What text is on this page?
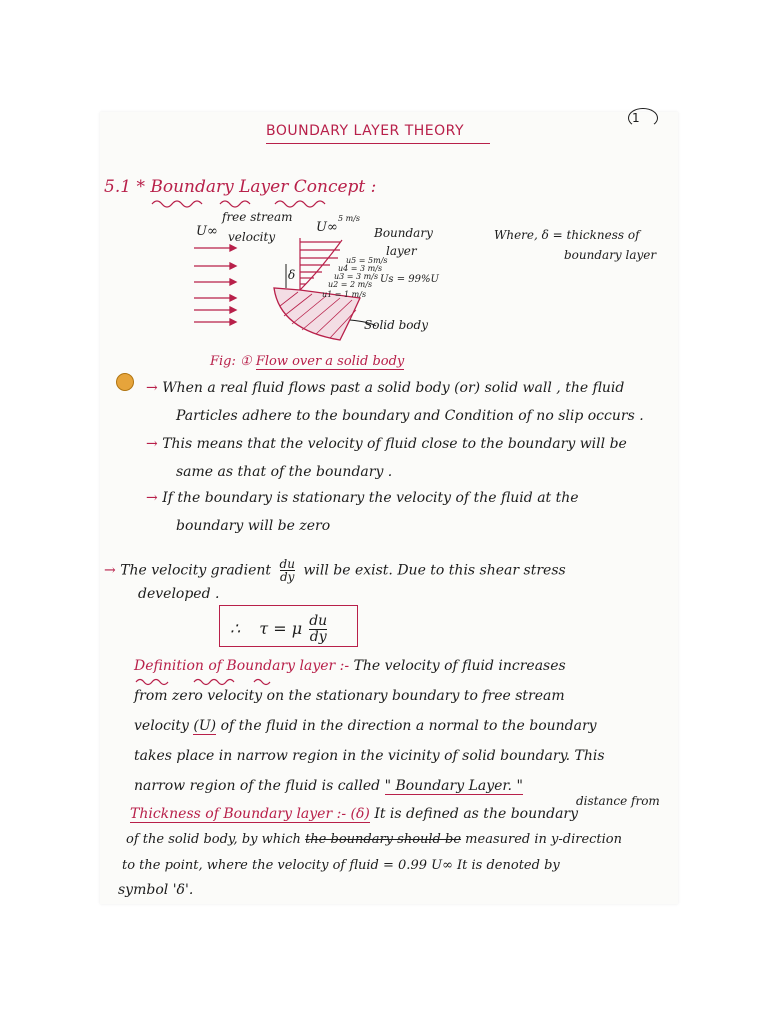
1
BOUNDARY LAYER THEORY
5.1 * Boundary Layer Concept :
U∞
free stream
velocity
U∞
5 m/s
Boundary
layer
u5 = 5m/s
u4 = 3 m/s
u3 = 3 m/s
u2 = 2 m/s
u1 = 1 m/s
δ	Us = 99%U
Solid body
Fig: ① Flow over a solid body
Where, δ = thickness of
boundary layer
→ When a real fluid flows past a solid body (or) solid wall , the fluid
Particles adhere to the boundary and Condition of no slip occurs .
→ This means that the velocity of fluid close to the boundary will be
same as that of the boundary .
→ If the boundary is stationary the velocity of the fluid at the
boundary will be zero
→ The velocity gradient $\frac{du}{dy}$ will be exist. Due to this shear stress
developed .
∴ τ = μ $\frac{du}{dy}$
Definition of Boundary layer :- The velocity of fluid increases
from zero velocity on the stationary boundary to free stream
velocity (U) of the fluid in the direction a normal to the boundary
takes place in narrow region in the vicinity of solid boundary. This
narrow region of the fluid is called " Boundary Layer. "
Thickness of Boundary layer :- (δ) It is defined as the boundary
distance from
of the solid body, by which the boundary should be measured in y-direction
to the point, where the velocity of fluid = 0.99 U∞ It is denoted by
symbol 'δ'.
